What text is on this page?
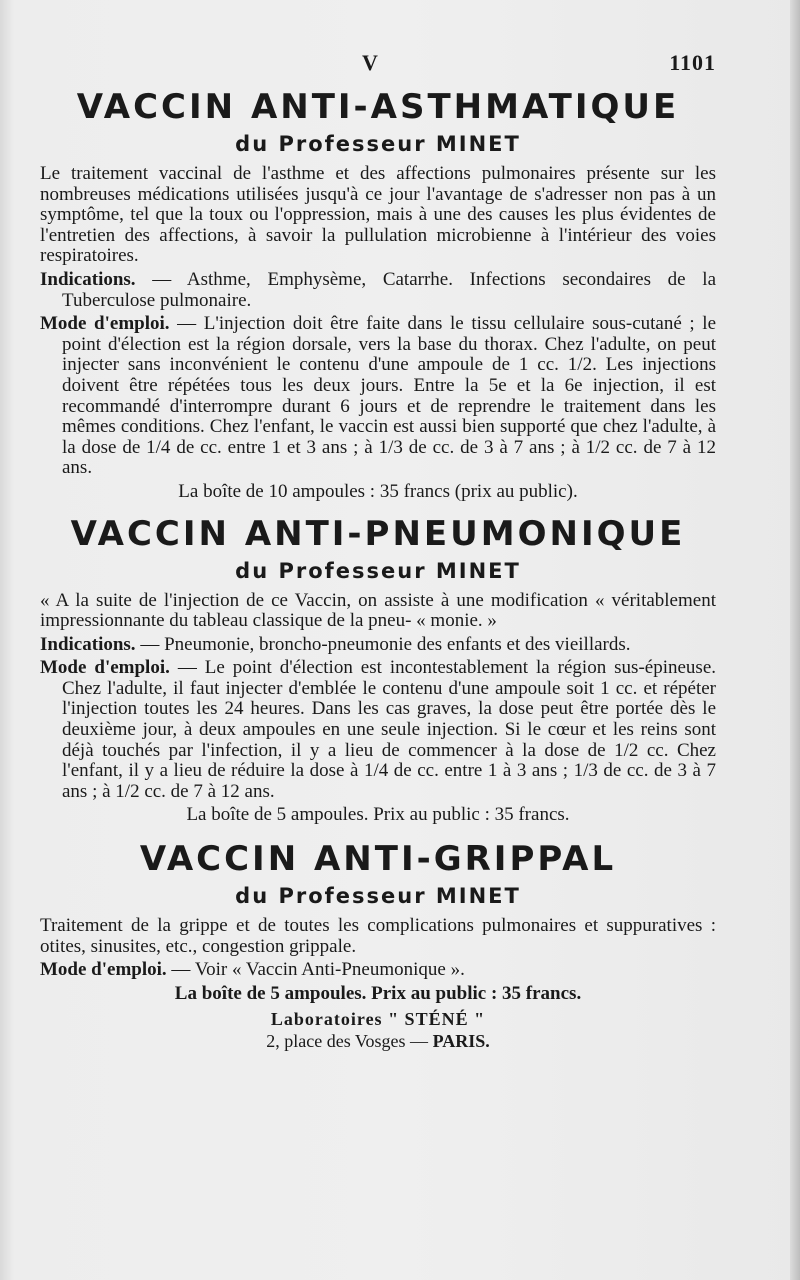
V	1101
VACCIN ANTI-ASTHMATIQUE
du Professeur MINET

Le traitement vaccinal de l'asthme et des affections pulmonaires présente sur les nombreuses médications utilisées jusqu'à ce jour l'avantage de s'adresser non pas à un symptôme, tel que la toux ou l'oppression, mais à une des causes les plus évidentes de l'entretien des affections, à savoir la pullulation microbienne à l'intérieur des voies respiratoires.

Indications. — Asthme, Emphysème, Catarrhe. Infections secondaires de la Tuberculose pulmonaire.

Mode d'emploi. — L'injection doit être faite dans le tissu cellulaire sous-cutané ; le point d'élection est la région dorsale, vers la base du thorax. Chez l'adulte, on peut injecter sans inconvénient le contenu d'une ampoule de 1 cc. 1/2. Les injections doivent être répétées tous les deux jours. Entre la 5e et la 6e injection, il est recommandé d'interrompre durant 6 jours et de reprendre le traitement dans les mêmes conditions. Chez l'enfant, le vaccin est aussi bien supporté que chez l'adulte, à la dose de 1/4 de cc. entre 1 et 3 ans ; à 1/3 de cc. de 3 à 7 ans ; à 1/2 cc. de 7 à 12 ans.

La boîte de 10 ampoules : 35 francs (prix au public).

VACCIN ANTI-PNEUMONIQUE
du Professeur MINET

« A la suite de l'injection de ce Vaccin, on assiste à une modification « véritablement impressionnante du tableau classique de la pneu- « monie. »

Indications. — Pneumonie, broncho-pneumonie des enfants et des vieillards.

Mode d'emploi. — Le point d'élection est incontestablement la région sus-épineuse. Chez l'adulte, il faut injecter d'emblée le contenu d'une ampoule soit 1 cc. et répéter l'injection toutes les 24 heures. Dans les cas graves, la dose peut être portée dès le deuxième jour, à deux ampoules en une seule injection. Si le cœur et les reins sont déjà touchés par l'infection, il y a lieu de commencer à la dose de 1/2 cc. Chez l'enfant, il y a lieu de réduire la dose à 1/4 de cc. entre 1 à 3 ans ; 1/3 de cc. de 3 à 7 ans ; à 1/2 cc. de 7 à 12 ans.

La boîte de 5 ampoules. Prix au public : 35 francs.

VACCIN ANTI-GRIPPAL
du Professeur MINET

Traitement de la grippe et de toutes les complications pulmonaires et suppuratives : otites, sinusites, etc., congestion grippale.

Mode d'emploi. — Voir « Vaccin Anti-Pneumonique ».

La boîte de 5 ampoules. Prix au public : 35 francs.

Laboratoires " STÉNÉ "
2, place des Vosges — PARIS.
